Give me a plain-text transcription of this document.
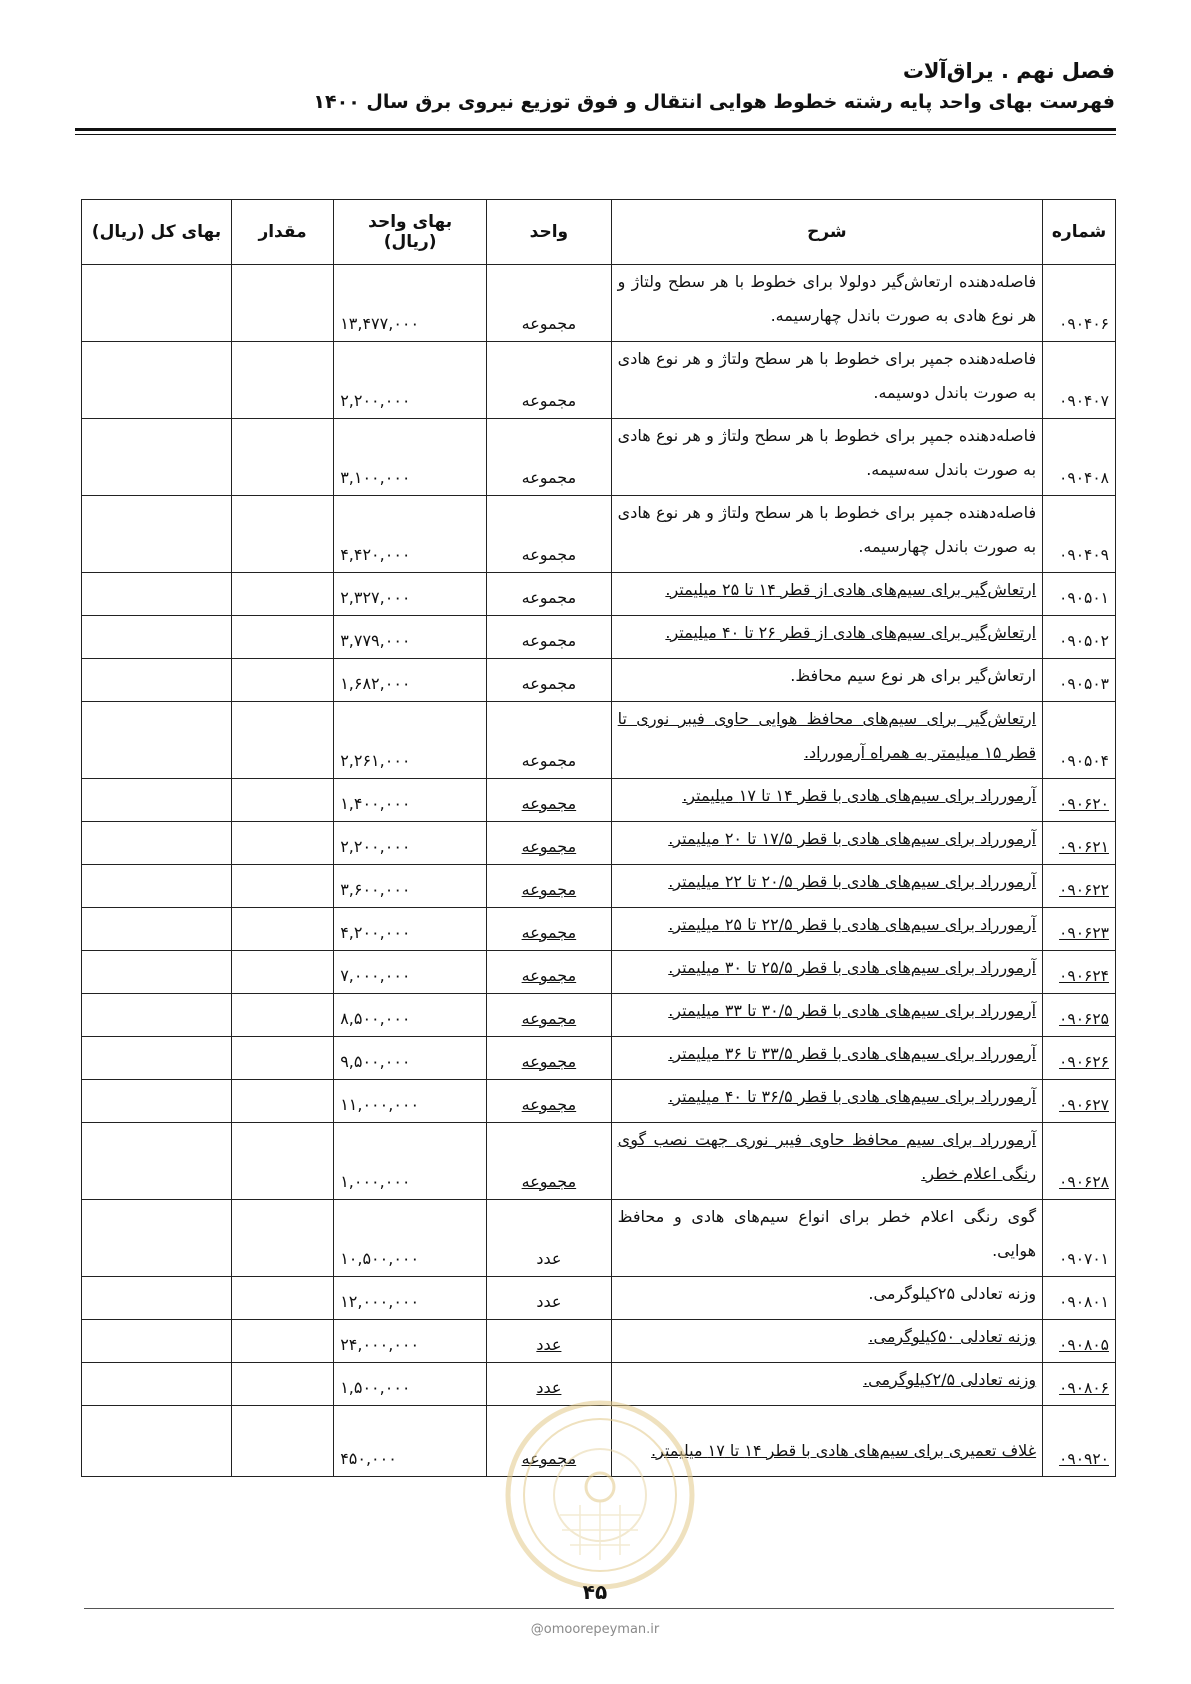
فصل نهم . یراق‌آلات
فهرست بهای واحد پایه رشته خطوط هوایی انتقال و فوق توزیع نیروی برق سال ۱۴۰۰
شماره	شرح	واحد	بهای واحد (ریال)	مقدار	بهای کل (ریال)
۰۹۰۴۰۶	فاصله‌دهنده ارتعاش‌گیر دولولا برای خطوط با هر سطح ولتاژ و هر نوع هادی به صورت باندل چهارسیمه.	مجموعه	۱۳,۴۷۷,۰۰۰		
۰۹۰۴۰۷	فاصله‌دهنده جمپر برای خطوط با هر سطح ولتاژ و هر نوع هادی به صورت باندل دوسیمه.	مجموعه	۲,۲۰۰,۰۰۰		
۰۹۰۴۰۸	فاصله‌دهنده جمپر برای خطوط با هر سطح ولتاژ و هر نوع هادی به صورت باندل سه‌سیمه.	مجموعه	۳,۱۰۰,۰۰۰		
۰۹۰۴۰۹	فاصله‌دهنده جمپر برای خطوط با هر سطح ولتاژ و هر نوع هادی به صورت باندل چهارسیمه.	مجموعه	۴,۴۲۰,۰۰۰		
۰۹۰۵۰۱	ارتعاش‌گیر برای سیم‌های هادی از قطر ۱۴ تا ۲۵ میلیمتر.	مجموعه	۲,۳۲۷,۰۰۰		
۰۹۰۵۰۲	ارتعاش‌گیر برای سیم‌های هادی از قطر ۲۶ تا ۴۰ میلیمتر.	مجموعه	۳,۷۷۹,۰۰۰		
۰۹۰۵۰۳	ارتعاش‌گیر برای هر نوع سیم محافظ.	مجموعه	۱,۶۸۲,۰۰۰		
۰۹۰۵۰۴	ارتعاش‌گیر برای سیم‌های محافظ هوایی حاوی فیبر نوری تا قطر ۱۵ میلیمتر به همراه آرمورراد.	مجموعه	۲,۲۶۱,۰۰۰		
۰۹۰۶۲۰	آرمورراد برای سیم‌های هادی با قطر ۱۴ تا ۱۷ میلیمتر.	مجموعه	۱,۴۰۰,۰۰۰		
۰۹۰۶۲۱	آرمورراد برای سیم‌های هادی با قطر ۱۷/۵ تا ۲۰ میلیمتر.	مجموعه	۲,۲۰۰,۰۰۰		
۰۹۰۶۲۲	آرمورراد برای سیم‌های هادی با قطر ۲۰/۵ تا ۲۲ میلیمتر.	مجموعه	۳,۶۰۰,۰۰۰		
۰۹۰۶۲۳	آرمورراد برای سیم‌های هادی با قطر ۲۲/۵ تا ۲۵ میلیمتر.	مجموعه	۴,۲۰۰,۰۰۰		
۰۹۰۶۲۴	آرمورراد برای سیم‌های هادی با قطر ۲۵/۵ تا ۳۰ میلیمتر.	مجموعه	۷,۰۰۰,۰۰۰		
۰۹۰۶۲۵	آرمورراد برای سیم‌های هادی با قطر ۳۰/۵ تا ۳۳ میلیمتر.	مجموعه	۸,۵۰۰,۰۰۰		
۰۹۰۶۲۶	آرمورراد برای سیم‌های هادی با قطر ۳۳/۵ تا ۳۶ میلیمتر.	مجموعه	۹,۵۰۰,۰۰۰		
۰۹۰۶۲۷	آرمورراد برای سیم‌های هادی با قطر ۳۶/۵ تا ۴۰ میلیمتر.	مجموعه	۱۱,۰۰۰,۰۰۰		
۰۹۰۶۲۸	آرمورراد برای سیم محافظ حاوی فیبر نوری جهت نصب گوی رنگی اعلام خطر.	مجموعه	۱,۰۰۰,۰۰۰		
۰۹۰۷۰۱	گوی رنگی اعلام خطر برای انواع سیم‌های هادی و محافظ هوایی.	عدد	۱۰,۵۰۰,۰۰۰		
۰۹۰۸۰۱	وزنه تعادلی ۲۵کیلوگرمی.	عدد	۱۲,۰۰۰,۰۰۰		
۰۹۰۸۰۵	وزنه تعادلی ۵۰کیلوگرمی.	عدد	۲۴,۰۰۰,۰۰۰		
۰۹۰۸۰۶	وزنه تعادلی ۲/۵کیلوگرمی.	عدد	۱,۵۰۰,۰۰۰		
۰۹۰۹۲۰	غلاف تعمیری برای سیم‌های هادی با قطر ۱۴ تا ۱۷ میلیمتر.	مجموعه	۴۵۰,۰۰۰		
۴۵
@omoorepeyman.ir
